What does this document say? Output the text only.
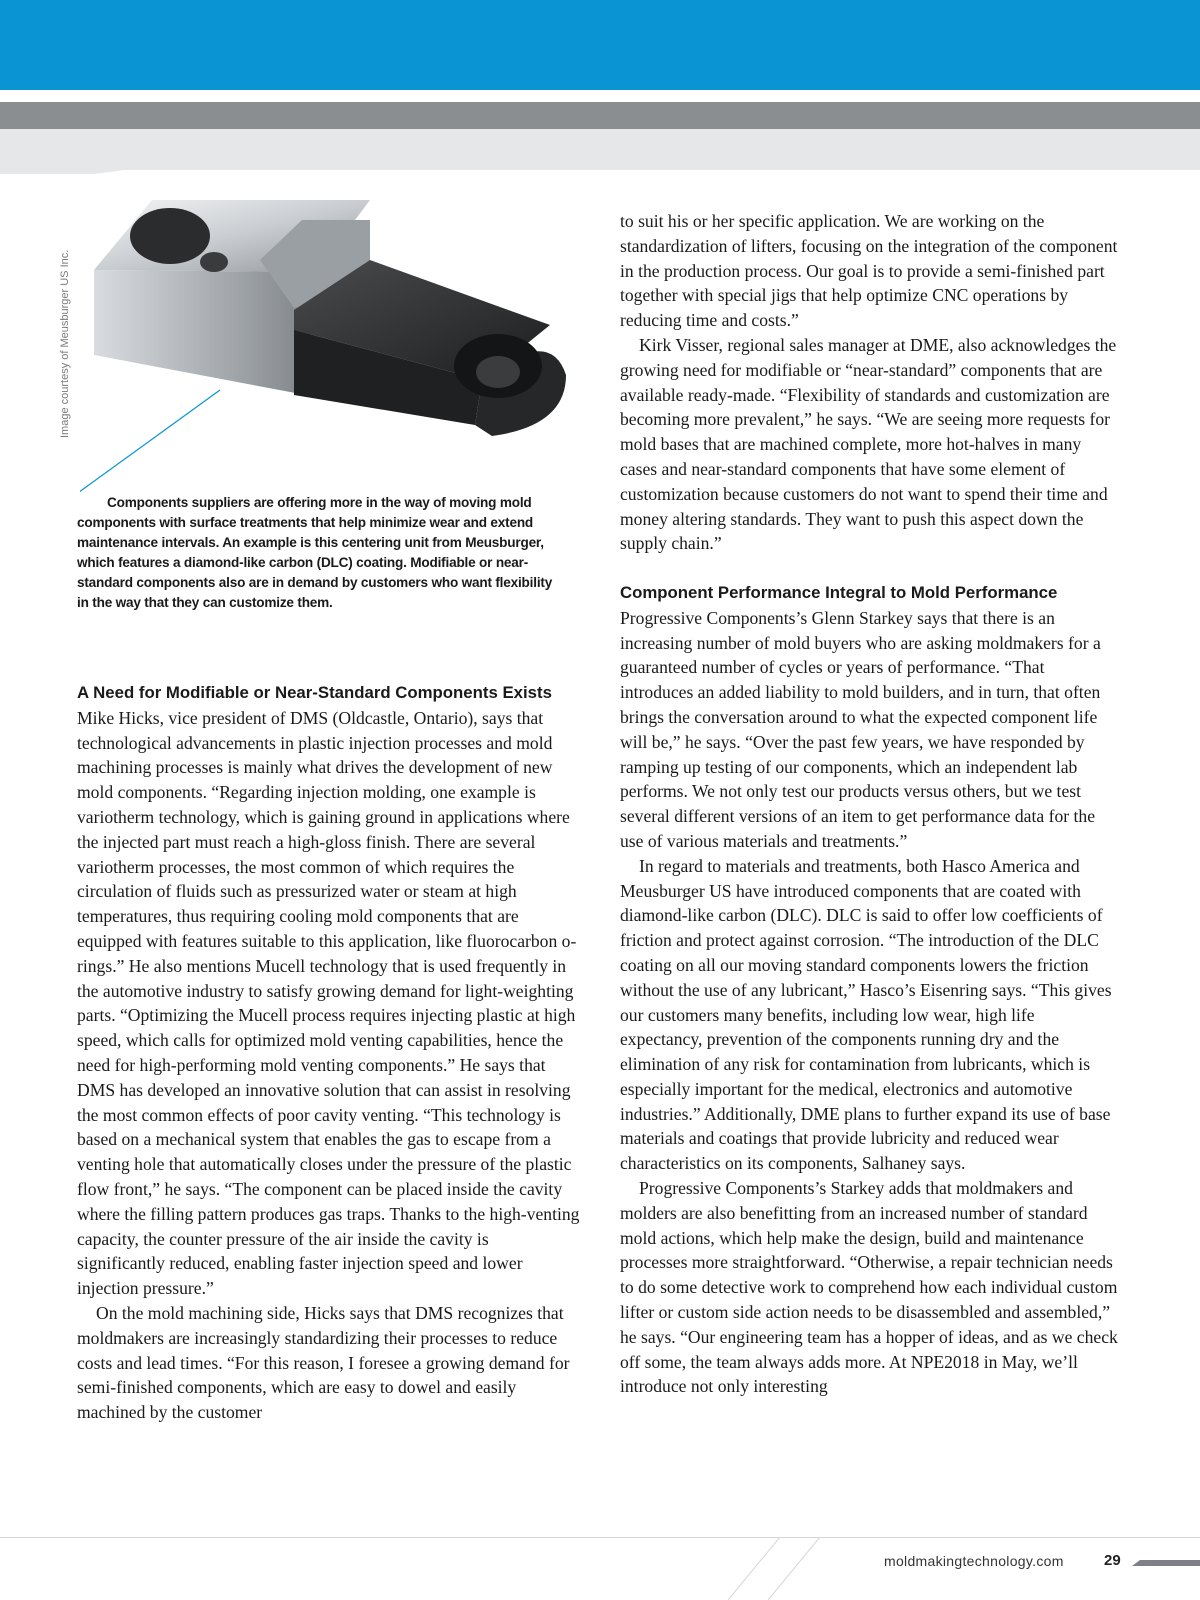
Image courtesy of Meusburger US Inc.
Components suppliers are offering more in the way of moving mold components with surface treatments that help minimize wear and extend maintenance intervals. An example is this centering unit from Meusburger, which features a diamond-like carbon (DLC) coating. Modifiable or near-standard components also are in demand by customers who want flexibility in the way that they can customize them.

A Need for Modifiable or Near-Standard Components Exists

Mike Hicks, vice president of DMS (Oldcastle, Ontario), says that technological advancements in plastic injection processes and mold machining processes is mainly what drives the development of new mold components. “Regarding injection molding, one example is variotherm technology, which is gaining ground in applications where the injected part must reach a high-gloss finish. There are several variotherm processes, the most common of which requires the circulation of fluids such as pressurized water or steam at high temperatures, thus requiring cooling mold components that are equipped with features suitable to this application, like fluorocarbon o-rings.” He also mentions Mucell technology that is used frequently in the automotive industry to satisfy growing demand for light-weighting parts. “Optimizing the Mucell process requires injecting plastic at high speed, which calls for optimized mold venting capabilities, hence the need for high-performing mold venting components.” He says that DMS has developed an innovative solution that can assist in resolving the most common effects of poor cavity venting. “This technology is based on a mechanical system that enables the gas to escape from a venting hole that automatically closes under the pressure of the plastic flow front,” he says. “The component can be placed inside the cavity where the filling pattern produces gas traps. Thanks to the high-venting capacity, the counter pressure of the air inside the cavity is significantly reduced, enabling faster injection speed and lower injection pressure.”

On the mold machining side, Hicks says that DMS recognizes that moldmakers are increasingly standardizing their processes to reduce costs and lead times. “For this reason, I foresee a growing demand for semi-finished components, which are easy to dowel and easily machined by the customer

to suit his or her specific application. We are working on the standardization of lifters, focusing on the integration of the component in the production process. Our goal is to provide a semi-finished part together with special jigs that help optimize CNC operations by reducing time and costs.”

Kirk Visser, regional sales manager at DME, also acknowledges the growing need for modifiable or “near-standard” components that are available ready-made. “Flexibility of standards and customization are becoming more prevalent,” he says. “We are seeing more requests for mold bases that are machined complete, more hot-halves in many cases and near-standard components that have some element of customization because customers do not want to spend their time and money altering standards. They want to push this aspect down the supply chain.”

Component Performance Integral to Mold Performance

Progressive Components’s Glenn Starkey says that there is an increasing number of mold buyers who are asking moldmakers for a guaranteed number of cycles or years of performance. “That introduces an added liability to mold builders, and in turn, that often brings the conversation around to what the expected component life will be,” he says. “Over the past few years, we have responded by ramping up testing of our components, which an independent lab performs. We not only test our products versus others, but we test several different versions of an item to get performance data for the use of various materials and treatments.”

In regard to materials and treatments, both Hasco America and Meusburger US have introduced components that are coated with diamond-like carbon (DLC). DLC is said to offer low coefficients of friction and protect against corrosion. “The introduction of the DLC coating on all our moving standard components lowers the friction without the use of any lubricant,” Hasco’s Eisenring says. “This gives our customers many benefits, including low wear, high life expectancy, prevention of the components running dry and the elimination of any risk for contamination from lubricants, which is especially important for the medical, electronics and automotive industries.” Additionally, DME plans to further expand its use of base materials and coatings that provide lubricity and reduced wear characteristics on its components, Salhaney says.

Progressive Components’s Starkey adds that moldmakers and molders are also benefitting from an increased number of standard mold actions, which help make the design, build and maintenance processes more straightforward. “Otherwise, a repair technician needs to do some detective work to comprehend how each individual custom lifter or custom side action needs to be disassembled and assembled,” he says. “Our engineering team has a hopper of ideas, and as we check off some, the team always adds more. At NPE2018 in May, we’ll introduce not only interesting

moldmakingtechnology.com	29
